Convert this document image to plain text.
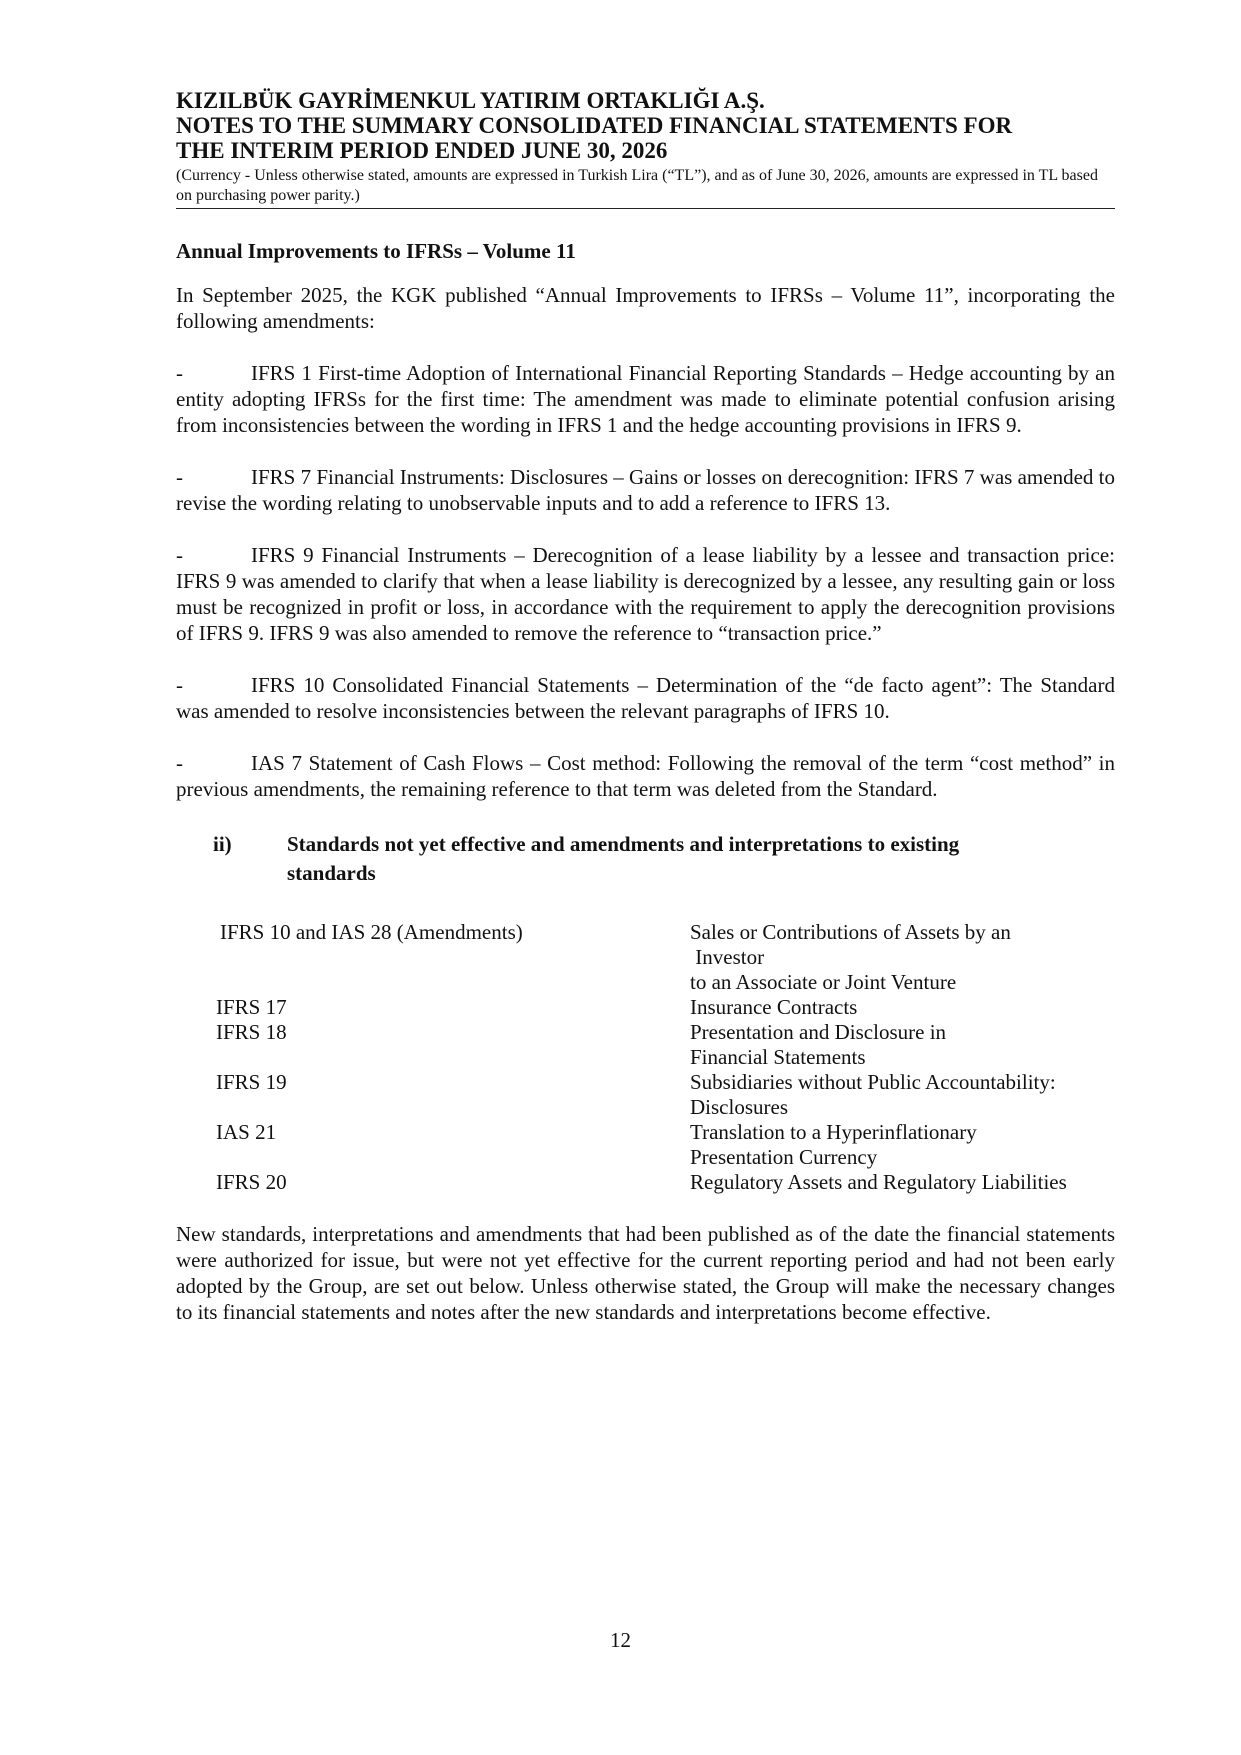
KIZILBÜK GAYRİMENKUL YATIRIM ORTAKLIĞI A.Ş.
NOTES TO THE SUMMARY CONSOLIDATED FINANCIAL STATEMENTS FOR
THE INTERIM PERIOD ENDED JUNE 30, 2026
(Currency - Unless otherwise stated, amounts are expressed in Turkish Lira (“TL”), and as of June 30, 2026, amounts are expressed in TL based on purchasing power parity.)
Annual Improvements to IFRSs – Volume 11

In September 2025, the KGK published “Annual Improvements to IFRSs – Volume 11”, incorporating the following amendments:

-	IFRS 1 First-time Adoption of International Financial Reporting Standards – Hedge accounting by an entity adopting IFRSs for the first time: The amendment was made to eliminate potential confusion arising from inconsistencies between the wording in IFRS 1 and the hedge accounting provisions in IFRS 9.

-	IFRS 7 Financial Instruments: Disclosures – Gains or losses on derecognition: IFRS 7 was amended to revise the wording relating to unobservable inputs and to add a reference to IFRS 13.

-	IFRS 9 Financial Instruments – Derecognition of a lease liability by a lessee and transaction price: IFRS 9 was amended to clarify that when a lease liability is derecognized by a lessee, any resulting gain or loss must be recognized in profit or loss, in accordance with the requirement to apply the derecognition provisions of IFRS 9. IFRS 9 was also amended to remove the reference to “transaction price.”

-	IFRS 10 Consolidated Financial Statements – Determination of the “de facto agent”: The Standard was amended to resolve inconsistencies between the relevant paragraphs of IFRS 10.

-	IAS 7 Statement of Cash Flows – Cost method: Following the removal of the term “cost method” in previous amendments, the remaining reference to that term was deleted from the Standard.

ii)	Standards not yet effective and amendments and interpretations to existing standards
IFRS 10 and IAS 28 (Amendments)	Sales or Contributions of Assets by an
Investor
to an Associate or Joint Venture

IFRS 17	Insurance Contracts

IFRS 18	Presentation and Disclosure in
Financial Statements

IFRS 19	Subsidiaries without Public Accountability:
Disclosures

IAS 21	Translation to a Hyperinflationary
Presentation Currency

IFRS 20	Regulatory Assets and Regulatory Liabilities

New standards, interpretations and amendments that had been published as of the date the financial statements were authorized for issue, but were not yet effective for the current reporting period and had not been early adopted by the Group, are set out below. Unless otherwise stated, the Group will make the necessary changes to its financial statements and notes after the new standards and interpretations become effective.

12
